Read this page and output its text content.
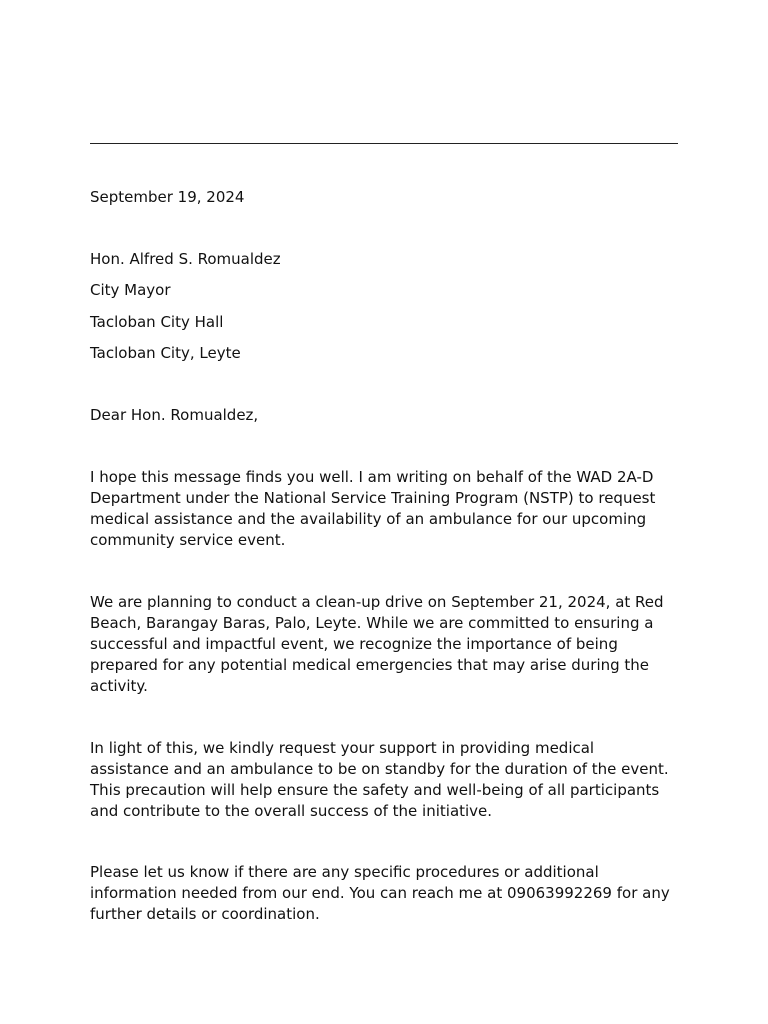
September 19, 2024

Hon. Alfred S. Romualdez

City Mayor

Tacloban City Hall

Tacloban City, Leyte

Dear Hon. Romualdez,

I hope this message finds you well. I am writing on behalf of the WAD 2A-D
Department under the National Service Training Program (NSTP) to request
medical assistance and the availability of an ambulance for our upcoming
community service event.
We are planning to conduct a clean-up drive on September 21, 2024, at Red
Beach, Barangay Baras, Palo, Leyte. While we are committed to ensuring a
successful and impactful event, we recognize the importance of being
prepared for any potential medical emergencies that may arise during the
activity.
In light of this, we kindly request your support in providing medical
assistance and an ambulance to be on standby for the duration of the event.
This precaution will help ensure the safety and well-being of all participants
and contribute to the overall success of the initiative.
Please let us know if there are any specific procedures or additional
information needed from our end. You can reach me at 09063992269 for any
further details or coordination.
